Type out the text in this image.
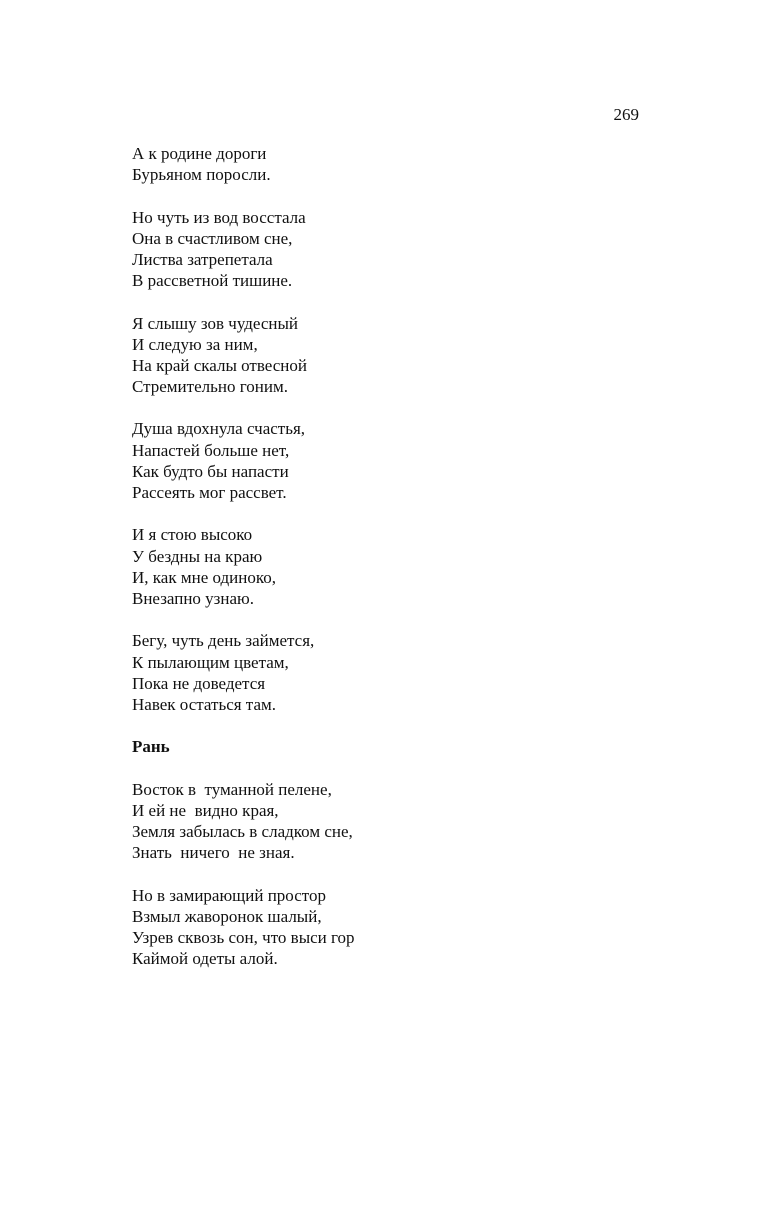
269
А к родине дороги
Бурьяном поросли.
Но чуть из вод восстала
Она в счастливом сне,
Листва затрепетала
В рассветной тишине.
Я слышу зов чудесный
И следую за ним,
На край скалы отвесной
Стремительно гоним.
Душа вдохнула счастья,
Напастей больше нет,
Как будто бы напасти
Рассеять мог рассвет.
И я стою высоко
У бездны на краю
И, как мне одиноко,
Внезапно узнаю.
Бегу, чуть день займется,
К пылающим цветам,
Пока не доведется
Навек остаться там.
Рань
Восток в  туманной пелене,
И ей не  видно края,
Земля забылась в сладком сне,
Знать  ничего  не зная.
Но в замирающий простор
Взмыл жаворонок шалый,
Узрев сквозь сон, что выси гор
Каймой одеты алой.
